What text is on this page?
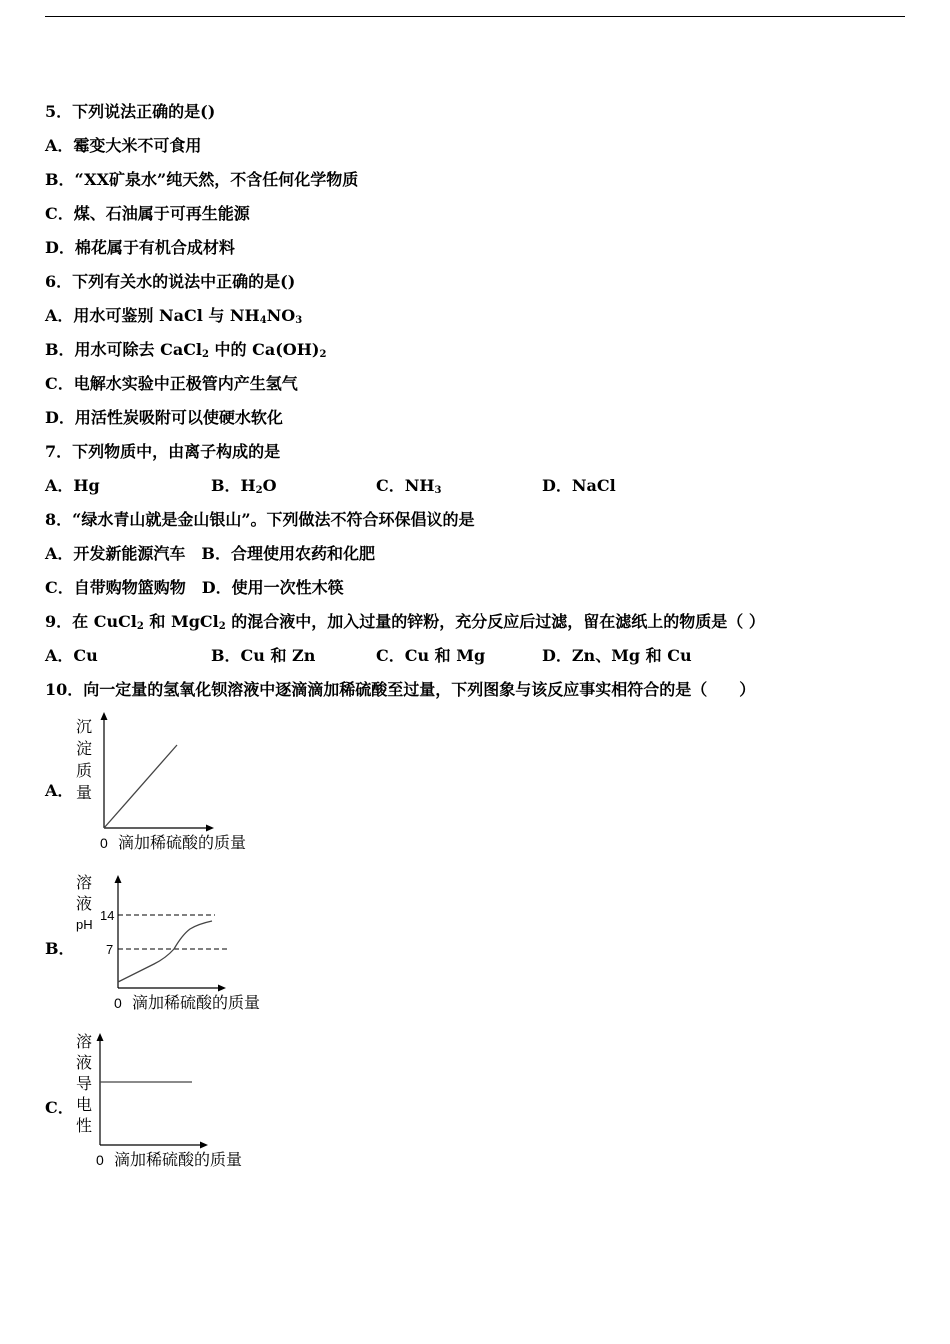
5．下列说法正确的是()
A．霉变大米不可食用
B．“XX矿泉水”纯天然，不含任何化学物质
C．煤、石油属于可再生能源
D．棉花属于有机合成材料
6．下列有关水的说法中正确的是()
A．用水可鉴别 NaCl 与 $NH_4NO_3$
B．用水可除去 CaCl$_2$ 中的 $Ca(OH)_2$
C．电解水实验中正极管内产生氢气
D．用活性炭吸附可以使硬水软化
7．下列物质中，由离子构成的是
A．Hg	B．$H_2O$	C．$NH_3$	D．NaCl
8．“绿水青山就是金山银山”。下列做法不符合环保倡议的是
A．开发新能源汽车　B．合理使用农药和化肥
C．自带购物篮购物　D．使用一次性木筷
9．在 CuCl$_2$ 和 MgCl$_2$ 的混合液中，加入过量的锌粉，充分反应后过滤，留在滤纸上的物质是（ ）
A．Cu	B．Cu 和 Zn	C．Cu 和 Mg	D．Zn、Mg 和 Cu
10．向一定量的氢氧化钡溶液中逐滴滴加稀硫酸至过量，下列图象与该反应事实相符合的是（　　）
A．
沉
淀
质
量
0 滴加稀硫酸的质量
B．
溶
液
pH
14
7
0 滴加稀硫酸的质量
C．
溶
液
导
电
性
0 滴加稀硫酸的质量
